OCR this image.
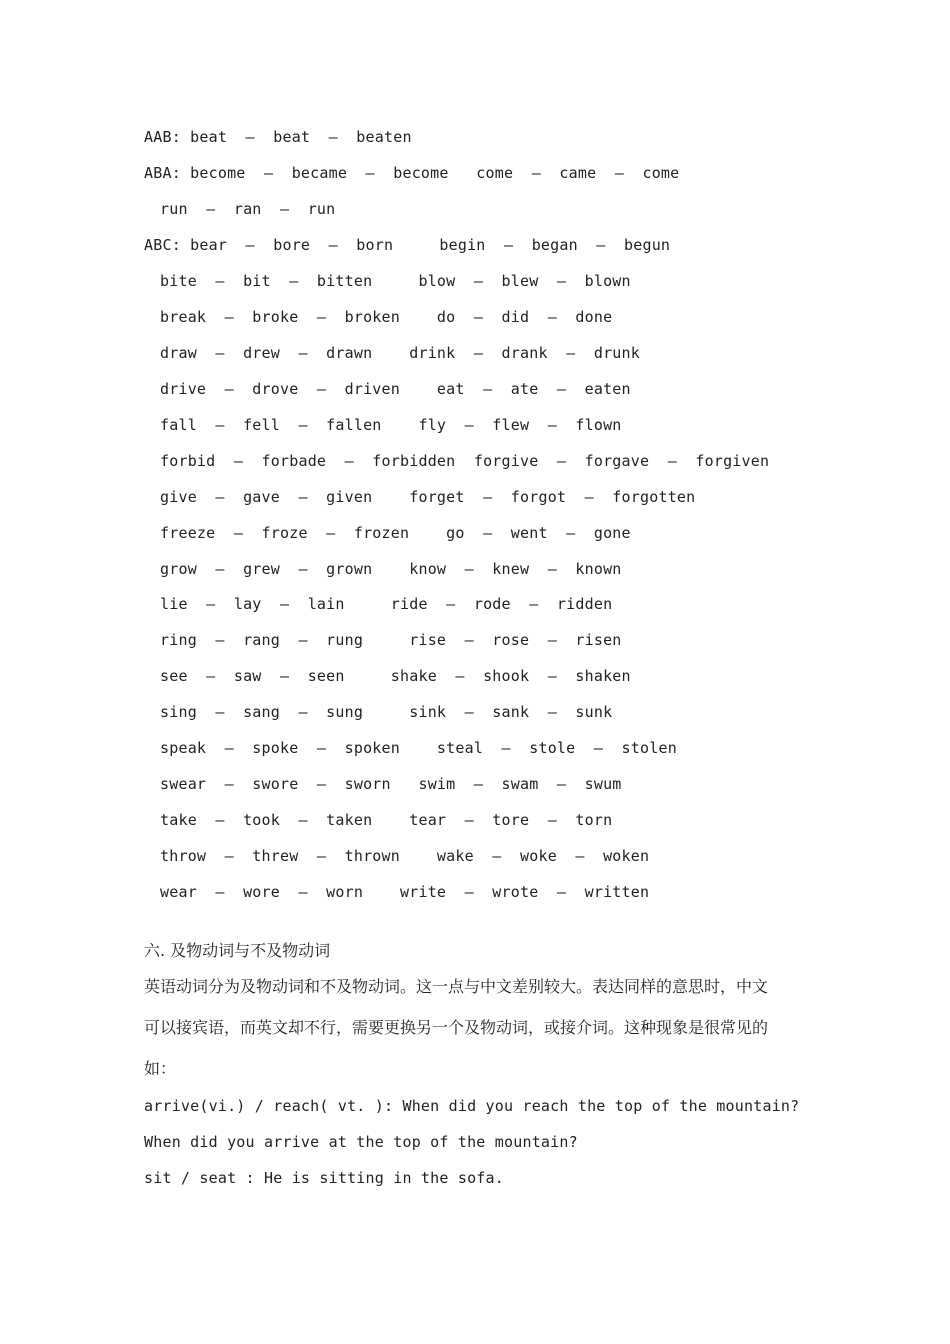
AAB: beat  –  beat  –  beaten
ABA: become  –  became  –  become   come  –  came  –  come
run  –  ran  –  run
ABC: bear  –  bore  –  born     begin  –  began  –  begun
bite  –  bit  –  bitten     blow  –  blew  –  blown
break  –  broke  –  broken    do  –  did  –  done
draw  –  drew  –  drawn    drink  –  drank  –  drunk
drive  –  drove  –  driven    eat  –  ate  –  eaten
fall  –  fell  –  fallen    fly  –  flew  –  flown
forbid  –  forbade  –  forbidden  forgive  –  forgave  –  forgiven
give  –  gave  –  given    forget  –  forgot  –  forgotten
freeze  –  froze  –  frozen    go  –  went  –  gone
grow  –  grew  –  grown    know  –  knew  –  known
lie  –  lay  –  lain     ride  –  rode  –  ridden
ring  –  rang  –  rung     rise  –  rose  –  risen
see  –  saw  –  seen     shake  –  shook  –  shaken
sing  –  sang  –  sung     sink  –  sank  –  sunk
speak  –  spoke  –  spoken    steal  –  stole  –  stolen
swear  –  swore  –  sworn   swim  –  swam  –  swum
take  –  took  –  taken    tear  –  tore  –  torn
throw  –  threw  –  thrown    wake  –  woke  –  woken
wear  –  wore  –  worn    write  –  wrote  –  written
六. 及物动词与不及物动词
英语动词分为及物动词和不及物动词。这一点与中文差别较大。表达同样的意思时，中文
可以接宾语，而英文却不行，需要更换另一个及物动词，或接介词。这种现象是很常见的
如：
arrive(vi.) / reach( vt. ): When did you reach the top of the mountain?
When did you arrive at the top of the mountain?
sit / seat : He is sitting in the sofa.
